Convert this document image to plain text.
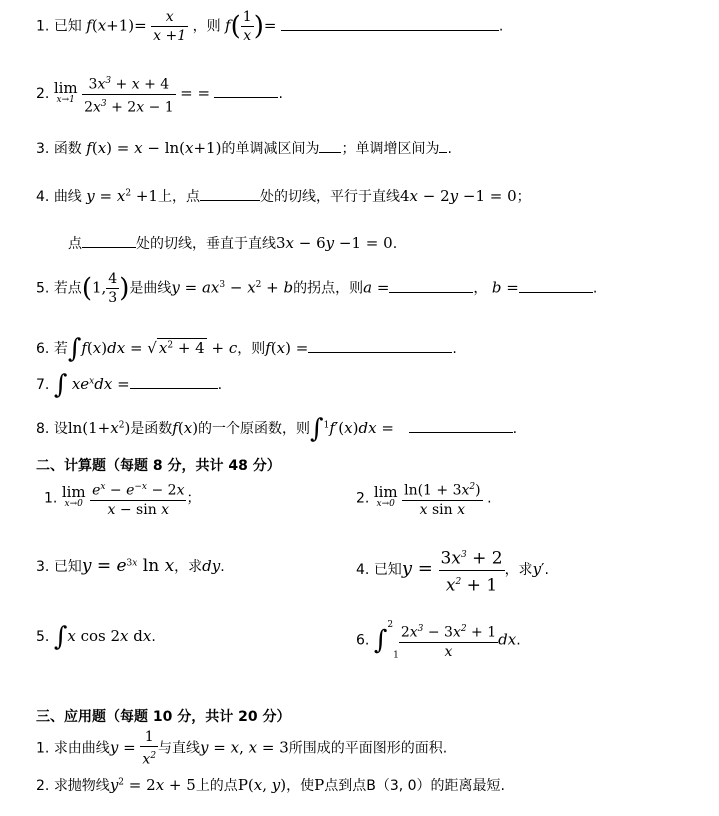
1. 已知 $f(x+1)= \frac{x}{x +1}$ ，则 $f( \frac{1}{x}$ )=	.
2. lim
x→1
$\frac{3x^3 + x + 4}{2x^3 + 2x - 1}$ = =	.
3. 函数 f(x) = x − ln(x+1)的单调减区间为 ；单调增区间为 .
4. 曲线 $y = x^2 +1$上，点	处的切线，平行于直线4x − 2y −1 = 0；
点	处的切线，垂直于直线3x − 6y −1 = 0.
5. 若点(1, $\frac{4}{3}$ )是曲线$y = ax^3 - x^2 + b$的拐点，则a =	， b =	.
6. 若∫f(x)dx = √ $x^2 + 4 + c$，则f(x) =	.
7. ∫ $xe^xdx$ =	.
8. 设$\ln(1+x^2)$是函数f(x)的一个原函数，则∫$^1$f′(x)dx =	.
二、计算题（每题 8 分，共计 48 分）
1. lim
x→0
$\frac{e^x - e^{-x} - 2x}{\text{x − sin x}}$ ；	2. lim
x→0
$\frac{\ln(1 + 3x^2)}{\text{x sin x}}$ .
3. 已知$y = e^{3x}$ ln x，求dy.	4. 已知$y = \frac{3x^3 + 2}{x^2 + 1}$ ，求y′.
5. ∫x cos 2x dx.	6. $\int^21 \frac{2x^3 - 3x^2 + 1}{x}$ dx.
三、应用题（每题 10 分，共计 20 分）
1. 求由曲线$y = \frac{1}{x^2}$ 与直线y = x, x = 3所围成的平面图形的面积.
2. 求抛物线$y^2 = 2x + 5$上的点P(x, y)，使P点到点B（3, 0）的距离最短.
